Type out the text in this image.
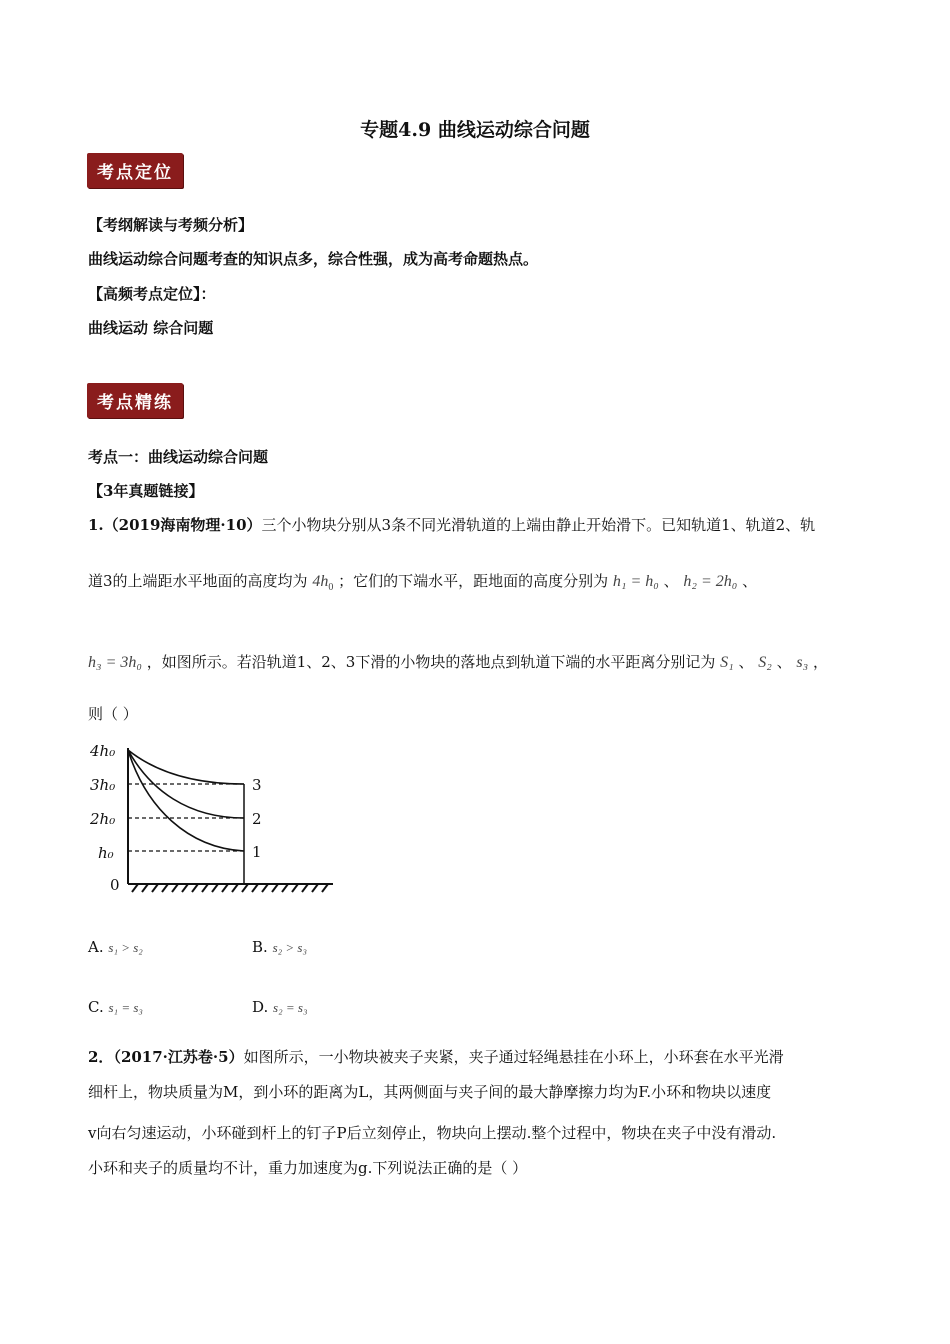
专题4.9 曲线运动综合问题
考点定位
【考纲解读与考频分析】
曲线运动综合问题考查的知识点多，综合性强，成为高考命题热点。
【高频考点定位】：
曲线运动 综合问题
考点精练
考点一：曲线运动综合问题
【3年真题链接】
1.（2019海南物理·10）三个小物块分别从3条不同光滑轨道的上端由静止开始滑下。已知轨道1、轨道2、轨
道3的上端距水平地面的高度均为 $4h_0$ ；它们的下端水平，距地面的高度分别为 h₁ = h₀ 、 h₂ = 2h₀ 、
h₃ = 3h₀ ，如图所示。若沿轨道1、2、3下滑的小物块的落地点到轨道下端的水平距离分别记为 S₁ 、 S₂ 、 s₃ ，
则（ ）
4h₀
3h₀
2h₀
h₀
0
3
2
1
A. s₁ > s₂	B. s₂ > s₃
C. s₁ = s₃	D. s₂ = s₃
2．（2017·江苏卷·5）如图所示，一小物块被夹子夹紧，夹子通过轻绳悬挂在小环上，小环套在水平光滑
细杆上，物块质量为M，到小环的距离为L，其两侧面与夹子间的最大静摩擦力均为F.小环和物块以速度
v向右匀速运动，小环碰到杆上的钉子P后立刻停止，物块向上摆动.整个过程中，物块在夹子中没有滑动.
小环和夹子的质量均不计，重力加速度为g.下列说法正确的是（ ）
